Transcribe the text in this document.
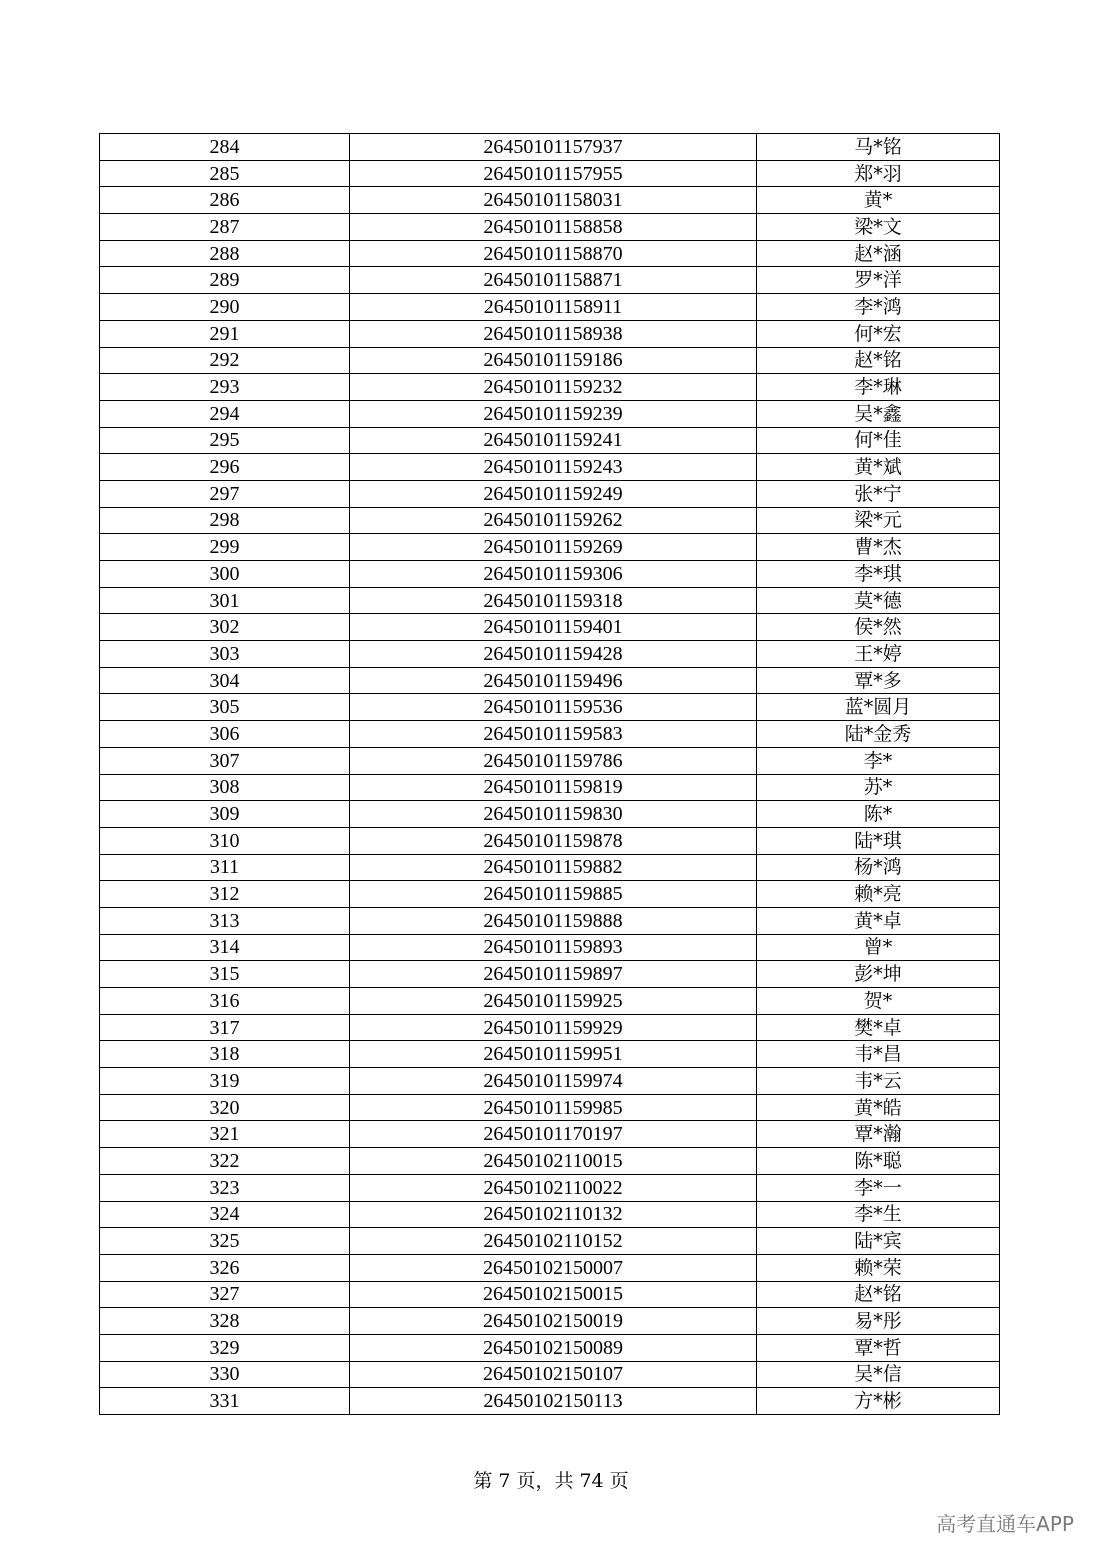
284	26450101157937	马*铭
285	26450101157955	郑*羽
286	26450101158031	黄*
287	26450101158858	梁*文
288	26450101158870	赵*涵
289	26450101158871	罗*洋
290	26450101158911	李*鸿
291	26450101158938	何*宏
292	26450101159186	赵*铭
293	26450101159232	李*琳
294	26450101159239	吴*鑫
295	26450101159241	何*佳
296	26450101159243	黄*斌
297	26450101159249	张*宁
298	26450101159262	梁*元
299	26450101159269	曹*杰
300	26450101159306	李*琪
301	26450101159318	莫*德
302	26450101159401	侯*然
303	26450101159428	王*婷
304	26450101159496	覃*多
305	26450101159536	蓝*圆月
306	26450101159583	陆*金秀
307	26450101159786	李*
308	26450101159819	苏*
309	26450101159830	陈*
310	26450101159878	陆*琪
311	26450101159882	杨*鸿
312	26450101159885	赖*亮
313	26450101159888	黄*卓
314	26450101159893	曾*
315	26450101159897	彭*坤
316	26450101159925	贺*
317	26450101159929	樊*卓
318	26450101159951	韦*昌
319	26450101159974	韦*云
320	26450101159985	黄*皓
321	26450101170197	覃*瀚
322	26450102110015	陈*聪
323	26450102110022	李*一
324	26450102110132	李*生
325	26450102110152	陆*宾
326	26450102150007	赖*荣
327	26450102150015	赵*铭
328	26450102150019	易*彤
329	26450102150089	覃*哲
330	26450102150107	吴*信
331	26450102150113	方*彬
第 7 页，共 74 页
高考直通车APP
